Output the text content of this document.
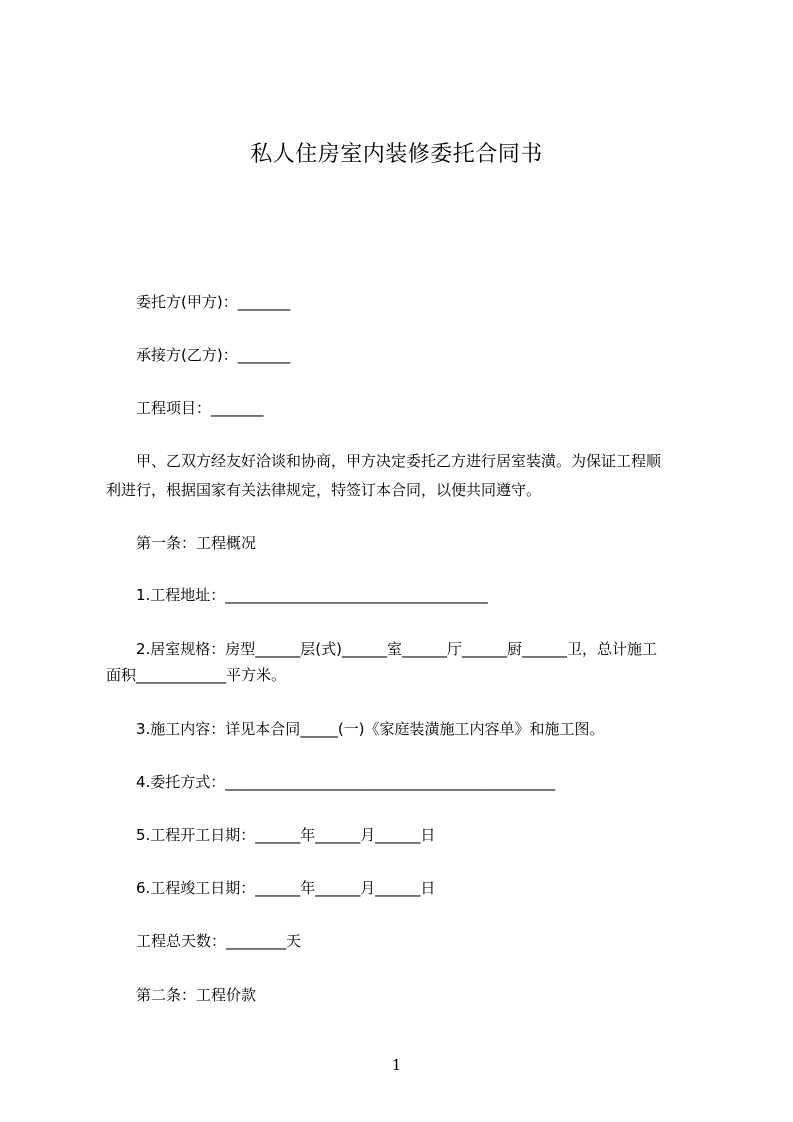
私人住房室内装修委托合同书
委托方(甲方)：_______
承接方(乙方)：_______
工程项目：_______
甲、乙双方经友好洽谈和协商，甲方决定委托乙方进行居室装潢。为保证工程顺
利进行，根据国家有关法律规定，特签订本合同，以便共同遵守。
第一条：工程概况
1.工程地址：___________________________________
2.居室规格：房型______层(式)______室______厅______厨______卫，总计施工
面积____________平方米。
3.施工内容：详见本合同_____(一)《家庭装潢施工内容单》和施工图。
4.委托方式：____________________________________________
5.工程开工日期：______年______月______日
6.工程竣工日期：______年______月______日
工程总天数：________天
第二条：工程价款
1
